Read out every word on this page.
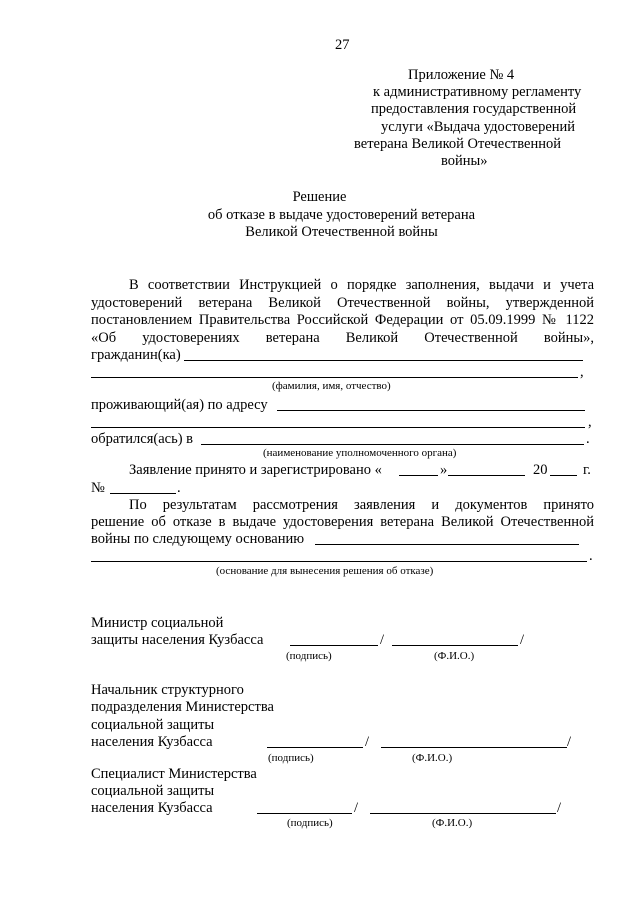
27
Приложение № 4
к административному регламенту
предоставления государственной
услуги «Выдача удостоверений
ветерана Великой Отечественной
войны»
Решение
об отказе в выдаче удостоверений ветерана
Великой Отечественной войны
В соответствии Инструкцией о порядке заполнения, выдачи и учета
удостоверений ветерана Великой Отечественной войны, утвержденной
постановлением Правительства Российской Федерации от 05.09.1999 № 1122
«Об удостоверениях ветерана Великой Отечественной войны»,
гражданин(ка)
,
(фамилия, имя, отчество)
проживающий(ая) по адресу
,
обратился(ась) в	.
(наименование уполномоченного органа)
Заявление принято и зарегистрировано «	»	20 г.
№	.
По результатам рассмотрения заявления и документов принято
решение об отказе в выдаче удостоверения ветерана Великой Отечественной
войны по следующему основанию
.
(основание для вынесения решения об отказе)
Министр социальной
защиты населения Кузбасса	/	/
(подпись)	(Ф.И.О.)
Начальник структурного
подразделения Министерства
социальной защиты
населения Кузбасса	/	/
(подпись)	(Ф.И.О.)
Специалист Министерства
социальной защиты
населения Кузбасса	/	/
(подпись)	(Ф.И.О.)
